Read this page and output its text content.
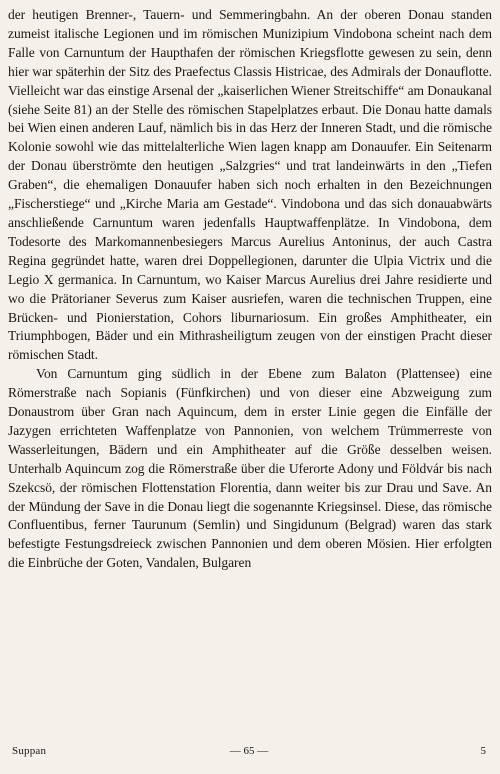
der heutigen Brenner-, Tauern- und Semmeringbahn. An der oberen Donau standen zumeist italische Legionen und im römischen Munizipium Vindobona scheint nach dem Falle von Carnuntum der Haupthafen der römischen Kriegsflotte gewesen zu sein, denn hier war späterhin der Sitz des Praefectus Classis Histricae, des Admirals der Donauflotte. Vielleicht war das einstige Arsenal der „kaiserlichen Wiener Streitschiffe“ am Donaukanal (siehe Seite 81) an der Stelle des römischen Stapelplatzes erbaut. Die Donau hatte damals bei Wien einen anderen Lauf, nämlich bis in das Herz der Inneren Stadt, und die römische Kolonie sowohl wie das mittelalterliche Wien lagen knapp am Donauufer. Ein Seitenarm der Donau überströmte den heutigen „Salzgries“ und trat landeinwärts in den „Tiefen Graben“, die ehemaligen Donauufer haben sich noch erhalten in den Bezeichnungen „Fischerstiege“ und „Kirche Maria am Gestade“. Vindobona und das sich donauabwärts anschließende Carnuntum waren jedenfalls Hauptwaffenplätze. In Vindobona, dem Todesorte des Markomannenbesiegers Marcus Aurelius Antoninus, der auch Castra Regina gegründet hatte, waren drei Doppellegionen, darunter die Ulpia Victrix und die Legio X germanica. In Carnuntum, wo Kaiser Marcus Aurelius drei Jahre residierte und wo die Prätorianer Severus zum Kaiser ausriefen, waren die technischen Truppen, eine Brücken- und Pionierstation, Cohors liburnariosum. Ein großes Amphitheater, ein Triumphbogen, Bäder und ein Mithrasheiligtum zeugen von der einstigen Pracht dieser römischen Stadt.

Von Carnuntum ging südlich in der Ebene zum Balaton (Plattensee) eine Römerstraße nach Sopianis (Fünfkirchen) und von dieser eine Abzweigung zum Donaustrom über Gran nach Aquincum, dem in erster Linie gegen die Einfälle der Jazygen errichteten Waffenplatze von Pannonien, von welchem Trümmerreste von Wasserleitungen, Bädern und ein Amphitheater auf die Größe desselben weisen. Unterhalb Aquincum zog die Römerstraße über die Uferorte Adony und Földvár bis nach Szekcsö, der römischen Flottenstation Florentia, dann weiter bis zur Drau und Save. An der Mündung der Save in die Donau liegt die sogenannte Kriegsinsel. Diese, das römische Confluentibus, ferner Taurunum (Semlin) und Singidunum (Belgrad) waren das stark befestigte Festungsdreieck zwischen Pannonien und dem oberen Mösien. Hier erfolgten die Einbrüche der Goten, Vandalen, Bulgaren

Suppan	— 65 —	5
